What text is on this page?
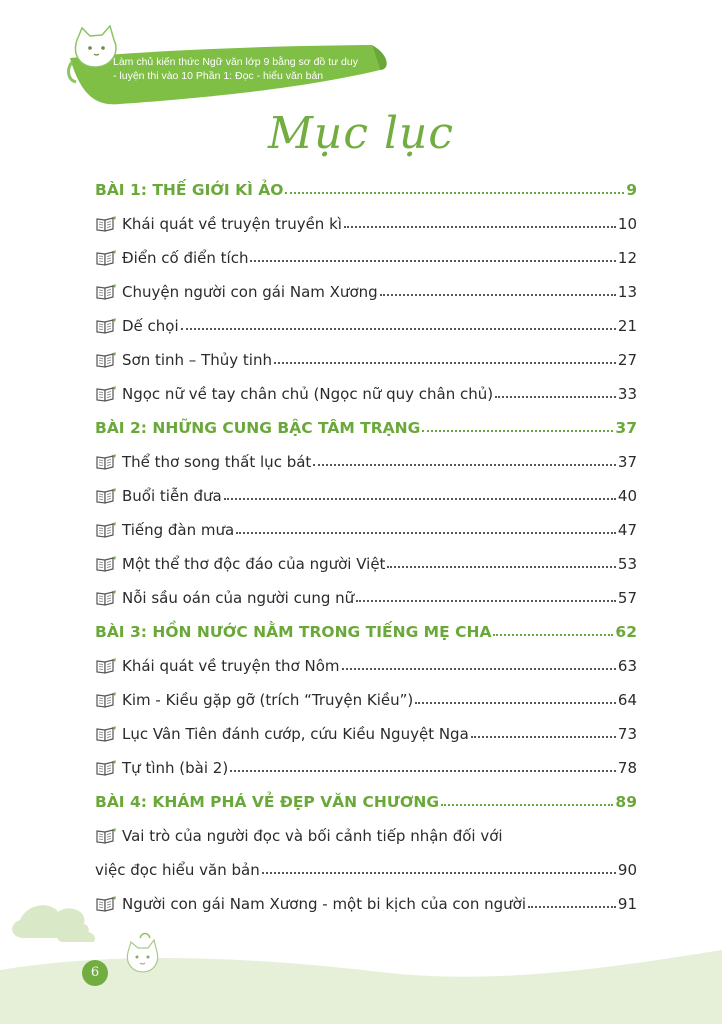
Làm chủ kiến thức Ngữ văn lớp 9 bằng sơ đồ tư duy
- luyện thi vào 10 Phần 1: Đọc - hiểu văn bản
Mục lục
BÀI 1: THẾ GIỚI KÌ ẢO	9
Khái quát về truyện truyền kì	10
Điển cố điển tích	12
Chuyện người con gái Nam Xương	13
Dế chọi	21
Sơn tinh – Thủy tinh	27
Ngọc nữ về tay chân chủ (Ngọc nữ quy chân chủ)	33
BÀI 2: NHỮNG CUNG BẬC TÂM TRẠNG	37
Thể thơ song thất lục bát	37
Buổi tiễn đưa	40
Tiếng đàn mưa	47
Một thể thơ độc đáo của người Việt	53
Nỗi sầu oán của người cung nữ	57
BÀI 3: HỒN NƯỚC NẰM TRONG TIẾNG MẸ CHA	62
Khái quát về truyện thơ Nôm	63
Kim - Kiều gặp gỡ (trích “Truyện Kiều”)	64
Lục Vân Tiên đánh cướp, cứu Kiều Nguyệt Nga	73
Tự tình (bài 2)	78
BÀI 4: KHÁM PHÁ VẺ ĐẸP VĂN CHƯƠNG	89
Vai trò của người đọc và bối cảnh tiếp nhận đối với
việc đọc hiểu văn bản	90
Người con gái Nam Xương - một bi kịch của con người	91
6
